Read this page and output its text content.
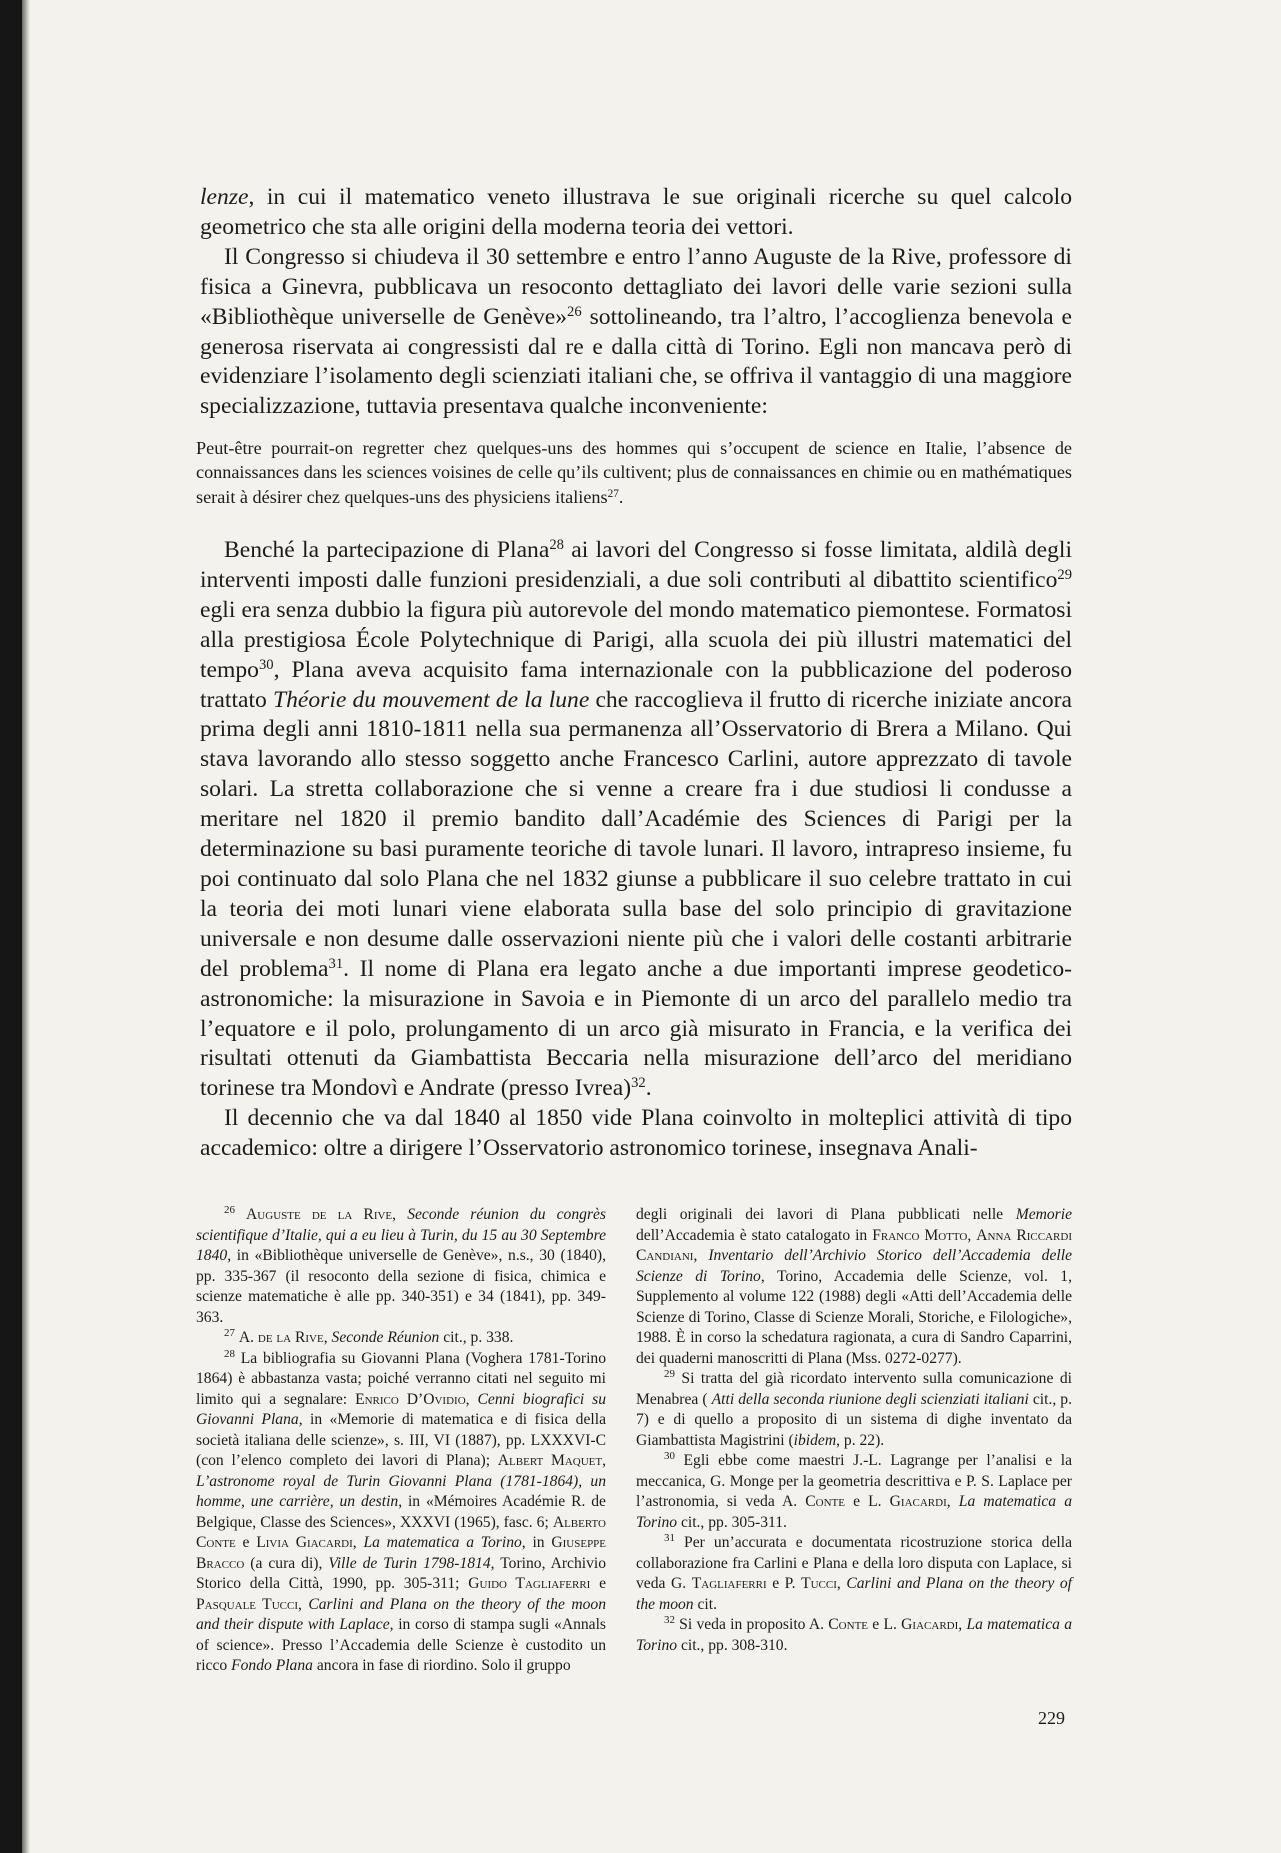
lenze, in cui il matematico veneto illustrava le sue originali ricerche su quel calcolo geometrico che sta alle origini della moderna teoria dei vettori.

Il Congresso si chiudeva il 30 settembre e entro l’anno Auguste de la Rive, professore di fisica a Ginevra, pubblicava un resoconto dettagliato dei lavori delle varie sezioni sulla «Bibliothèque universelle de Genève»$^{26}$ sottolineando, tra l’altro, l’accoglienza benevola e generosa riservata ai congressisti dal re e dalla città di Torino. Egli non mancava però di evidenziare l’isolamento degli scienziati italiani che, se offriva il vantaggio di una maggiore specializzazione, tuttavia presentava qualche inconveniente:

Peut-être pourrait-on regretter chez quelques-uns des hommes qui s’occupent de science en Italie, l’absence de connaissances dans les sciences voisines de celle qu’ils cultivent; plus de connaissances en chimie ou en mathématiques serait à désirer chez quelques-uns des physiciens italiens$^{27}$.

Benché la partecipazione di Plana$^{28}$ ai lavori del Congresso si fosse limitata, aldilà degli interventi imposti dalle funzioni presidenziali, a due soli contributi al dibattito scientifico$^{29}$ egli era senza dubbio la figura più autorevole del mondo matematico piemontese. Formatosi alla prestigiosa École Polytechnique di Parigi, alla scuola dei più illustri matematici del tempo$^{30}$, Plana aveva acquisito fama internazionale con la pubblicazione del poderoso trattato Théorie du mouvement de la lune che raccoglieva il frutto di ricerche iniziate ancora prima degli anni 1810-1811 nella sua permanenza all’Osservatorio di Brera a Milano. Qui stava lavorando allo stesso soggetto anche Francesco Carlini, autore apprezzato di tavole solari. La stretta collaborazione che si venne a creare fra i due studiosi li condusse a meritare nel 1820 il premio bandito dall’Académie des Sciences di Parigi per la determinazione su basi puramente teoriche di tavole lunari. Il lavoro, intrapreso insieme, fu poi continuato dal solo Plana che nel 1832 giunse a pubblicare il suo celebre trattato in cui la teoria dei moti lunari viene elaborata sulla base del solo principio di gravitazione universale e non desume dalle osservazioni niente più che i valori delle costanti arbitrarie del problema$^{31}$. Il nome di Plana era legato anche a due importanti imprese geodetico-astronomiche: la misurazione in Savoia e in Piemonte di un arco del parallelo medio tra l’equatore e il polo, prolungamento di un arco già misurato in Francia, e la verifica dei risultati ottenuti da Giambattista Beccaria nella misurazione dell’arco del meridiano torinese tra Mondovì e Andrate (presso Ivrea)$^{32}$.

Il decennio che va dal 1840 al 1850 vide Plana coinvolto in molteplici attività di tipo accademico: oltre a dirigere l’Osservatorio astronomico torinese, insegnava Anali-

$^{26}$ Auguste de la Rive, Seconde réunion du congrès scientifique d’Italie, qui a eu lieu à Turin, du 15 au 30 Septembre 1840, in «Bibliothèque universelle de Genève», n.s., 30 (1840), pp. 335-367 (il resoconto della sezione di fisica, chimica e scienze matematiche è alle pp. 340-351) e 34 (1841), pp. 349-363.

$^{27}$ A. de la Rive, Seconde Réunion cit., p. 338.

$^{28}$ La bibliografia su Giovanni Plana (Voghera 1781-Torino 1864) è abbastanza vasta; poiché verranno citati nel seguito mi limito qui a segnalare: Enrico D’Ovidio, Cenni biografici su Giovanni Plana, in «Memorie di matematica e di fisica della società italiana delle scienze», s. III, VI (1887), pp. LXXXVI-C (con l’elenco completo dei lavori di Plana); Albert Maquet, L’astronome royal de Turin Giovanni Plana (1781-1864), un homme, une carrière, un destin, in «Mémoires Académie R. de Belgique, Classe des Sciences», XXXVI (1965), fasc. 6; Alberto Conte e Livia Giacardi, La matematica a Torino, in Giuseppe Bracco (a cura di), Ville de Turin 1798-1814, Torino, Archivio Storico della Città, 1990, pp. 305-311; Guido Tagliaferri e Pasquale Tucci, Carlini and Plana on the theory of the moon and their dispute with Laplace, in corso di stampa sugli «Annals of science». Presso l’Accademia delle Scienze è custodito un ricco Fondo Plana ancora in fase di riordino. Solo il gruppo

degli originali dei lavori di Plana pubblicati nelle Memorie dell’Accademia è stato catalogato in Franco Motto, Anna Riccardi Candiani, Inventario dell’Archivio Storico dell’Accademia delle Scienze di Torino, Torino, Accademia delle Scienze, vol. 1, Supplemento al volume 122 (1988) degli «Atti dell’Accademia delle Scienze di Torino, Classe di Scienze Morali, Storiche, e Filologiche», 1988. È in corso la schedatura ragionata, a cura di Sandro Caparrini, dei quaderni manoscritti di Plana (Mss. 0272-0277).

$^{29}$ Si tratta del già ricordato intervento sulla comunicazione di Menabrea ( Atti della seconda riunione degli scienziati italiani cit., p. 7) e di quello a proposito di un sistema di dighe inventato da Giambattista Magistrini (ibidem, p. 22).

$^{30}$ Egli ebbe come maestri J.-L. Lagrange per l’analisi e la meccanica, G. Monge per la geometria descrittiva e P. S. Laplace per l’astronomia, si veda A. Conte e L. Giacardi, La matematica a Torino cit., pp. 305-311.

$^{31}$ Per un’accurata e documentata ricostruzione storica della collaborazione fra Carlini e Plana e della loro disputa con Laplace, si veda G. Tagliaferri e P. Tucci, Carlini and Plana on the theory of the moon cit.

$^{32}$ Si veda in proposito A. Conte e L. Giacardi, La matematica a Torino cit., pp. 308-310.

229
